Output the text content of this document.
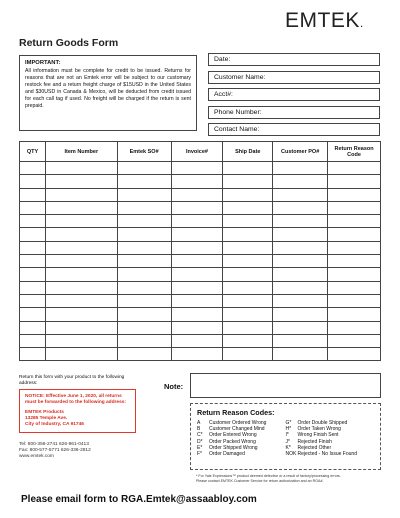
EMTEK.
Return Goods Form
IMPORTANT:
All information must be complete for credit to be issued. Returns for reasons that are not an Emtek error will be subject to our customary restock fee and a return freight charge of $15USD in the United States and $30USD in Canada & Mexico, will be deducted from credit issued for each call tag if used. No freight will be charged if the return is sent prepaid.
Date:
Customer Name:
Acct#:
Phone Number:
Contact Name:
QTY	Item Number	Emtek SO#	Invoice#	Ship Date	Customer PO#	Return Reason Code

Return this form with your product to the following address:
NOTICE: Effective June 1, 2020, all returns must be forwarded to the following address:
EMTEK Products
13285 Temple Ave.
City of Industry, CA 91746
Tel: 800-356-2741 626-961-0413
Fax: 800-577-5771 626-336-2812
www.emtek.com
Note:
Return Reason Codes:
A	Customer Ordered Wrong
B	Customer Changed Mind
C*	Order Entered Wrong
D*	Order Packed Wrong
E*	Order Shipped Wrong
F*	Order Damaged
G*	Order Double Shipped
H*	Order Taken Wrong
I*	Wrong Finish Sent
J*	Rejected Finish
K*	Rejected Other
NOK Rejected - No Issue Found
* For Yale Expressions™ product deemed defective or a result of factory/processing errors.
Please contact EMTEK Customer Service for return authorization and an RGA#.
Please email form to RGA.Emtek@assaabloy.com
